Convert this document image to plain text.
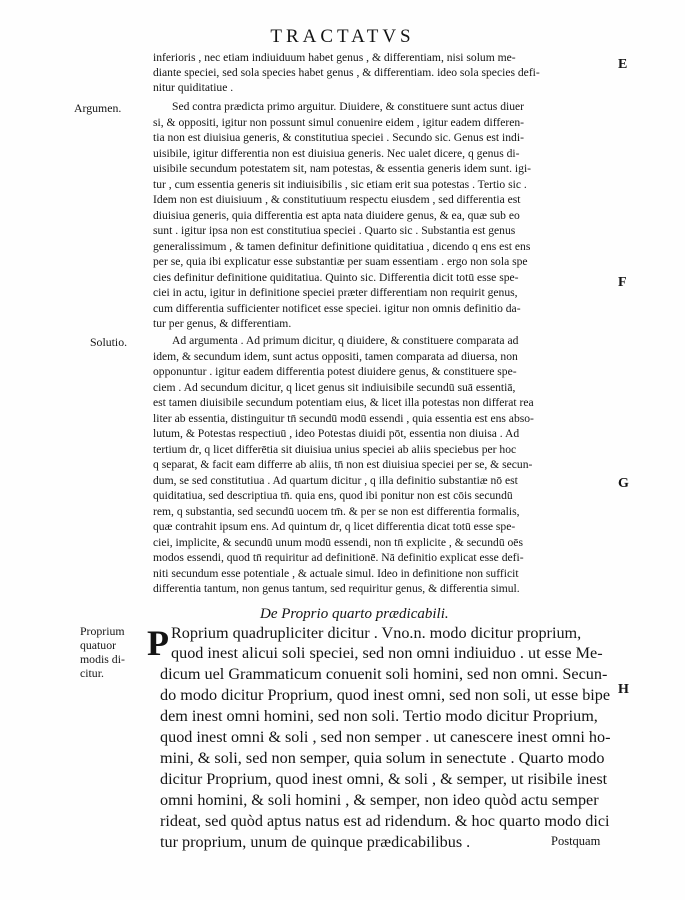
TRACTATVS
inferioris , nec etiam indiuiduum habet genus , & differentiam, nisi solum me-
diante speciei, sed sola species habet genus , & differentiam. ideo sola species defi-
nitur quiditatiue .
Argumen.	Sed contra prædicta primo arguitur. Diuidere, & constituere sunt actus diuer
si, & oppositi, igitur non possunt simul conuenire eidem , igitur eadem differen-
tia non est diuisiua generis, & constitutiua speciei . Secundo sic. Genus est indi-
uisibile, igitur differentia non est diuisiua generis. Nec ualet dicere, q genus di-
uisibile secundum potestatem sit, nam potestas, & essentia generis idem sunt. igi-
tur , cum essentia generis sit indiuisibilis , sic etiam erit sua potestas . Tertio sic .
Idem non est diuisiuum , & constitutiuum respectu eiusdem , sed differentia est
diuisiua generis, quia differentia est apta nata diuidere genus, & ea, quæ sub eo
sunt . igitur ipsa non est constitutiua speciei . Quarto sic . Substantia est genus
generalissimum , & tamen definitur definitione quiditatiua , dicendo q ens est ens
per se, quia ibi explicatur esse substantiæ per suam essentiam . ergo non sola spe
cies definitur definitione quiditatiua. Quinto sic. Differentia dicit totū esse spe-
ciei in actu, igitur in definitione speciei præter differentiam non requirit genus,
cum differentia sufficienter notificet esse speciei. igitur non omnis definitio da-
tur per genus, & differentiam.
Solutio.	Ad argumenta . Ad primum dicitur, q diuidere, & constituere comparata ad
idem, & secundum idem, sunt actus oppositi, tamen comparata ad diuersa, non
opponuntur . igitur eadem differentia potest diuidere genus, & constituere spe-
ciem . Ad secundum dicitur, q licet genus sit indiuisibile secundū suā essentiā,
est tamen diuisibile secundum potentiam eius, & licet illa potestas non differat rea
liter ab essentia, distinguitur tn̄ secundū modū essendi , quia essentia est ens abso-
lutum, & Potestas respectiuū , ideo Potestas diuidi pōt, essentia non diuisa . Ad
tertium dr, q licet differētia sit diuisiua unius speciei ab aliis speciebus per hoc
q separat, & facit eam differre ab aliis, tn̄ non est diuisiua speciei per se, & secun-
dum, se sed constitutiua . Ad quartum dicitur , q illa definitio substantiæ nō est
quiditatiua, sed descriptiua tn̄. quia ens, quod ibi ponitur non est cōis secundū
rem, q substantia, sed secundū uocem tm̄. & per se non est differentia formalis,
quæ contrahit ipsum ens. Ad quintum dr, q licet differentia dicat totū esse spe-
ciei, implicite, & secundū unum modū essendi, non tn̄ explicite , & secundū oēs
modos essendi, quod tn̄ requiritur ad definitionē. Nā definitio explicat esse defi-
niti secundum esse potentiale , & actuale simul. Ideo in definitione non sufficit
differentia tantum, non genus tantum, sed requiritur genus, & differentia simul.
De Proprio quarto prædicabili.
Proprium
quatuor
modis di-
citur.
P Roprium quadrupliciter dicitur . Vno.n. modo dicitur proprium,
quod inest alicui soli speciei, sed non omni indiuiduo . ut esse Me-
dicum uel Grammaticum conuenit soli homini, sed non omni. Secun-
do modo dicitur Proprium, quod inest omni, sed non soli, ut esse bipe
dem inest omni homini, sed non soli. Tertio modo dicitur Proprium,
quod inest omni & soli , sed non semper . ut canescere inest omni ho-
mini, & soli, sed non semper, quia solum in senectute . Quarto modo
dicitur Proprium, quod inest omni, & soli , & semper, ut risibile inest
omni homini, & soli homini , & semper, non ideo quòd actu semper
rideat, sed quòd aptus natus est ad ridendum. & hoc quarto modo dici
tur proprium, unum de quinque prædicabilibus .
E
F
G
H
Postquam
